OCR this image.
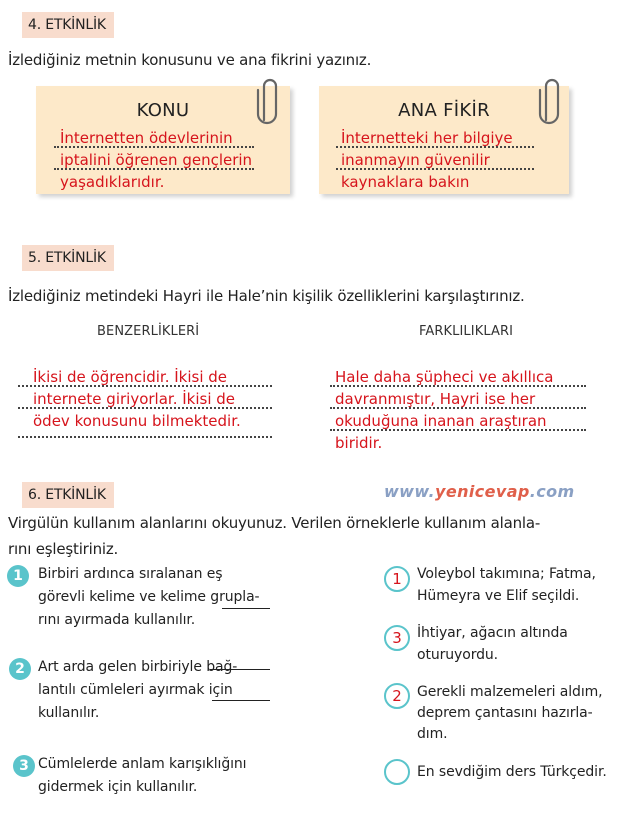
4. ETKİNLİK
İzlediğiniz metnin konusunu ve ana fikrini yazınız.
KONU
İnternetten ödevlerinin
iptalini öğrenen gençlerin
yaşadıklarıdır.
ANA FİKİR
İnternetteki her bilgiye
inanmayın güvenilir
kaynaklara bakın
5. ETKİNLİK
İzlediğiniz metindeki Hayri ile Hale’nin kişilik özelliklerini karşılaştırınız.
BENZERLİKLERİ	FARKLILIKLARI
İkisi de öğrencidir. İkisi de
internete giriyorlar. İkisi de
ödev konusunu bilmektedir.
Hale daha şüpheci ve akıllıca
davranmıştır, Hayri ise her
okuduğuna inanan araştıran
biridir.
6. ETKİNLİK	www.yenicevap.com
Virgülün kullanım alanlarını okuyunuz. Verilen örneklerle kullanım alanla-
rını eşleştiriniz.
1	Birbiri ardınca sıralanan eş
görevli kelime ve kelime grupla-
rını ayırmada kullanılır.
2 Art arda gelen birbiriyle bağ-
lantılı cümleleri ayırmak için
kullanılır.
3 Cümlelerde anlam karışıklığını
gidermek için kullanılır.
1	Voleybol takımına; Fatma,
Hümeyra ve Elif seçildi.
3	İhtiyar, ağacın altında
oturuyordu.
2	Gerekli malzemeleri aldım,
deprem çantasını hazırla-
dım.
En sevdiğim ders Türkçedir.
